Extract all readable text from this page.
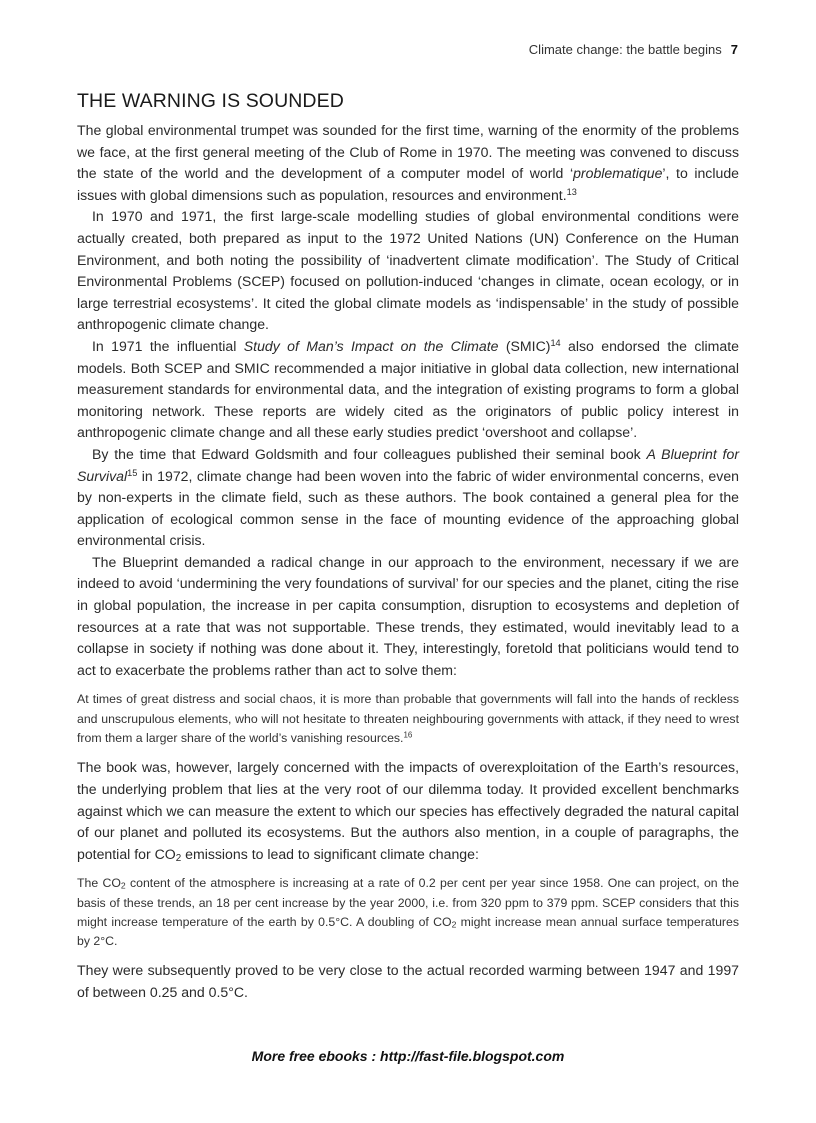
Climate change: the battle begins 7
THE WARNING IS SOUNDED

The global environmental trumpet was sounded for the first time, warning of the enormity of the problems we face, at the first general meeting of the Club of Rome in 1970. The meeting was convened to discuss the state of the world and the development of a computer model of world ‘problematique’, to include issues with global dimensions such as population, resources and environment.$^{13}$

In 1970 and 1971, the first large-scale modelling studies of global environmental conditions were actually created, both prepared as input to the 1972 United Nations (UN) Conference on the Human Environment, and both noting the possibility of ‘inadvertent climate modification’. The Study of Critical Environmental Problems (SCEP) focused on pollution-induced ‘changes in climate, ocean ecology, or in large terrestrial ecosystems’. It cited the global climate models as ‘indispensable’ in the study of possible anthropogenic climate change.

In 1971 the influential Study of Man’s Impact on the Climate (SMIC)$^{14}$ also endorsed the climate models. Both SCEP and SMIC recommended a major initiative in global data collection, new international measurement standards for environmental data, and the integration of existing programs to form a global monitoring network. These reports are widely cited as the originators of public policy interest in anthropogenic climate change and all these early studies predict ‘overshoot and collapse’.

By the time that Edward Goldsmith and four colleagues published their seminal book A Blueprint for Survival$^{15}$ in 1972, climate change had been woven into the fabric of wider environmental concerns, even by non-experts in the climate field, such as these authors. The book contained a general plea for the application of ecological common sense in the face of mounting evidence of the approaching global environmental crisis.

The Blueprint demanded a radical change in our approach to the environment, necessary if we are indeed to avoid ‘undermining the very foundations of survival’ for our species and the planet, citing the rise in global population, the increase in per capita consumption, disruption to ecosystems and depletion of resources at a rate that was not supportable. These trends, they estimated, would inevitably lead to a collapse in society if nothing was done about it. They, interestingly, foretold that politicians would tend to act to exacerbate the problems rather than act to solve them:

At times of great distress and social chaos, it is more than probable that governments will fall into the hands of reckless and unscrupulous elements, who will not hesitate to threaten neighbouring governments with attack, if they need to wrest from them a larger share of the world’s vanishing resources.$^{16}$

The book was, however, largely concerned with the impacts of overexploitation of the Earth’s resources, the underlying problem that lies at the very root of our dilemma today. It provided excellent benchmarks against which we can measure the extent to which our species has effectively degraded the natural capital of our planet and polluted its ecosystems. But the authors also mention, in a couple of paragraphs, the potential for $CO_2$ emissions to lead to significant climate change:

The $CO_2$ content of the atmosphere is increasing at a rate of 0.2 per cent per year since 1958. One can project, on the basis of these trends, an 18 per cent increase by the year 2000, i.e. from 320 ppm to 379 ppm. SCEP considers that this might increase temperature of the earth by 0.5°C. A doubling of $CO_2$ might increase mean annual surface temperatures by 2°C.

They were subsequently proved to be very close to the actual recorded warming between 1947 and 1997 of between 0.25 and 0.5°C.

More free ebooks : http://fast-file.blogspot.com
